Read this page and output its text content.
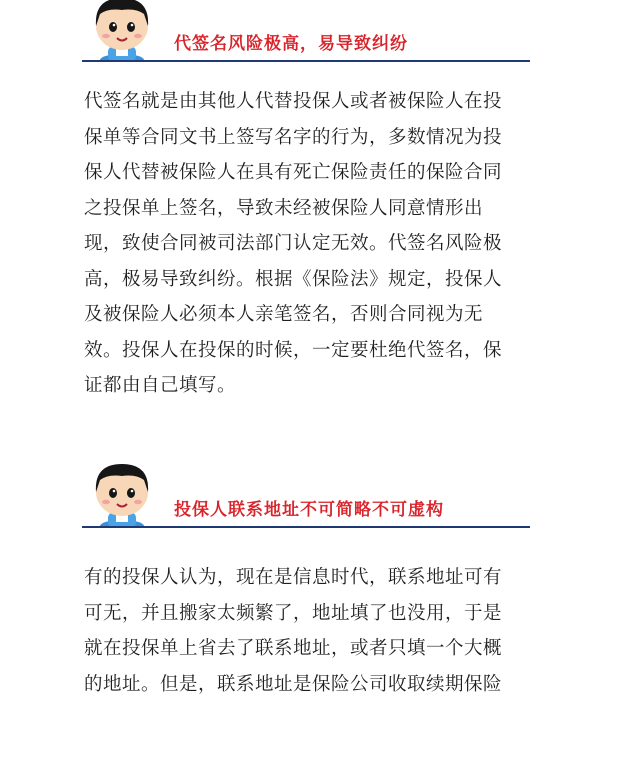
代签名风险极高，易导致纠纷

代签名就是由其他人代替投保人或者被保险人在投
保单等合同文书上签写名字的行为，多数情况为投
保人代替被保险人在具有死亡保险责任的保险合同
之投保单上签名，导致未经被保险人同意情形出
现，致使合同被司法部门认定无效。代签名风险极
高，极易导致纠纷。根据《保险法》规定，投保人
及被保险人必须本人亲笔签名，否则合同视为无
效。投保人在投保的时候，一定要杜绝代签名，保
证都由自己填写。

投保人联系地址不可简略不可虚构

有的投保人认为，现在是信息时代，联系地址可有
可无，并且搬家太频繁了，地址填了也没用，于是
就在投保单上省去了联系地址，或者只填一个大概
的地址。但是，联系地址是保险公司收取续期保险
